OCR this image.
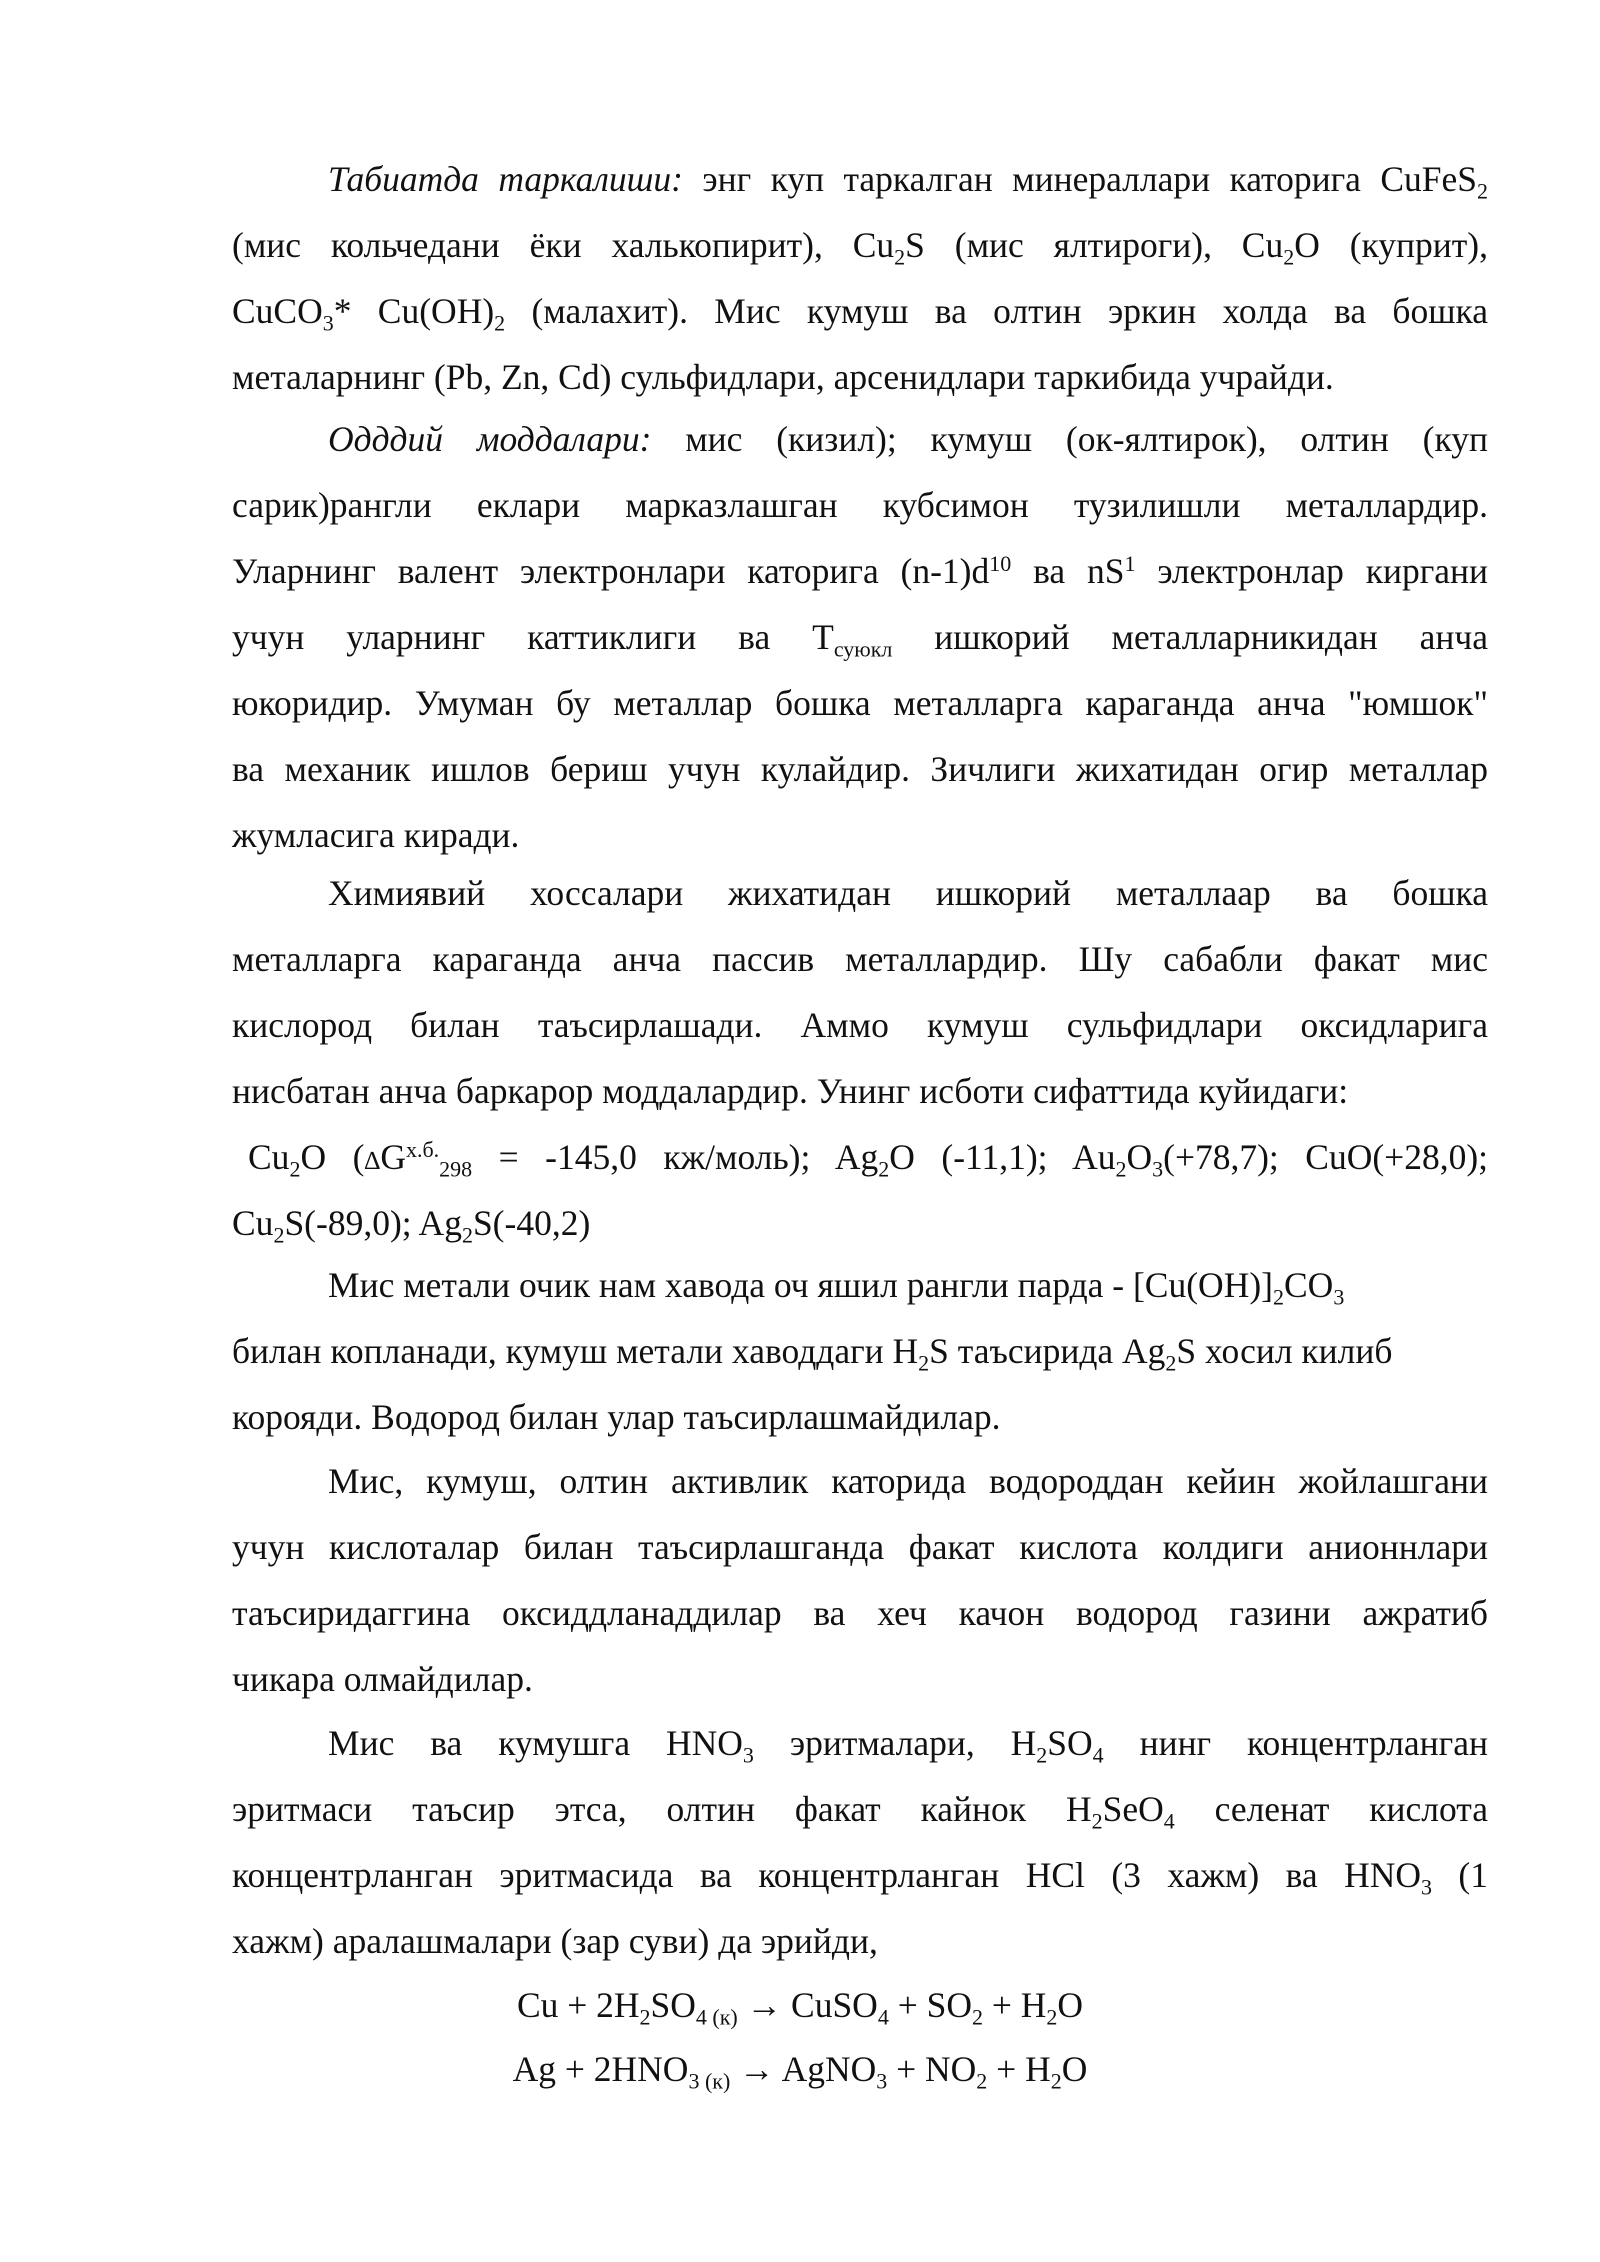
Табиатда таркалиши: энг куп таркалган минераллари каторига CuFeS$_2$
(мис кольчедани ёки халькопирит), $Cu_2S$ (мис ялтироги), $Cu_2O$ (куприт),
CuCO$_3$* $Cu(OH)_2$ (малахит). Мис кумуш ва олтин эркин холда ва бошка
металарнинг (Pb, Zn, Cd) сульфидлари, арсенидлари таркибида учрайди.
Одддий моддалари: мис (кизил); кумуш (ок-ялтирок), олтин (куп
сарик)рангли еклари марказлашган кубсимон тузилишли металлардир.
Уларнинг валент электронлари каторига $(n-1)d^{10}$ ва $nS^1$ электронлар киргани
учун уларнинг каттиклиги ва $T_{суюкл}$ ишкорий металларникидан анча
юкоридир. Умуман бу металлар бошка металларга караганда анча "юмшок"
ва механик ишлов бериш учун кулайдир. Зичлиги жихатидан огир металлар
жумласига киради.
Химиявий хоссалари жихатидан ишкорий металлаар ва бошка
металларга караганда анча пассив металлардир. Шу сабабли факат мис
кислород билан таъсирлашади. Аммо кумуш сульфидлари оксидларига
нисбатан анча баркарор моддалардир. Унинг исботи сифаттида куйидаги:
$Cu_2O$ ($\Delta G^{х.б.}_{298} = -145,0$ кж/моль); $Ag_2O$ (-11,1); $Au_2O_3(+78,7)$; CuO(+28,0);
$Cu_2S(-89,0)$; $Ag_2S(-40,2)$
Мис метали очик нам хавода оч яшил рангли парда - $[Cu(OH)]_2CO_3$
билан копланади, кумуш метали хаводдаги $H_2S$ таъсирида $Ag_2S$ хосил килиб
корояди. Водород билан улар таъсирлашмайдилар.
Мис, кумуш, олтин активлик каторида водороддан кейин жойлашгани
учун кислоталар билан таъсирлашганда факат кислота колдиги анионнлари
таъсиридаггина оксиддланаддилар ва хеч качон водород газини ажратиб
чикара олмайдилар.
Мис ва кумушга $HNO_3$ эритмалари, $H_2SO_4$ нинг концентрланган
эритмаси таъсир этса, олтин факат кайнок $H_2SeO_4$ селенат кислота
концентрланган эритмасида ва концентрланган HCl (3 хажм) ва $HNO_3$ (1
хажм) аралашмалари (зар суви) да эрийди,
$Cu + 2H_2SO_{4 (к)}$ → CuSO$_4$ + $SO_2 + H_2O$
$Ag + 2HNO_{3 (к)}$ → AgNO$_3$ + $NO_2 + H_2O$
